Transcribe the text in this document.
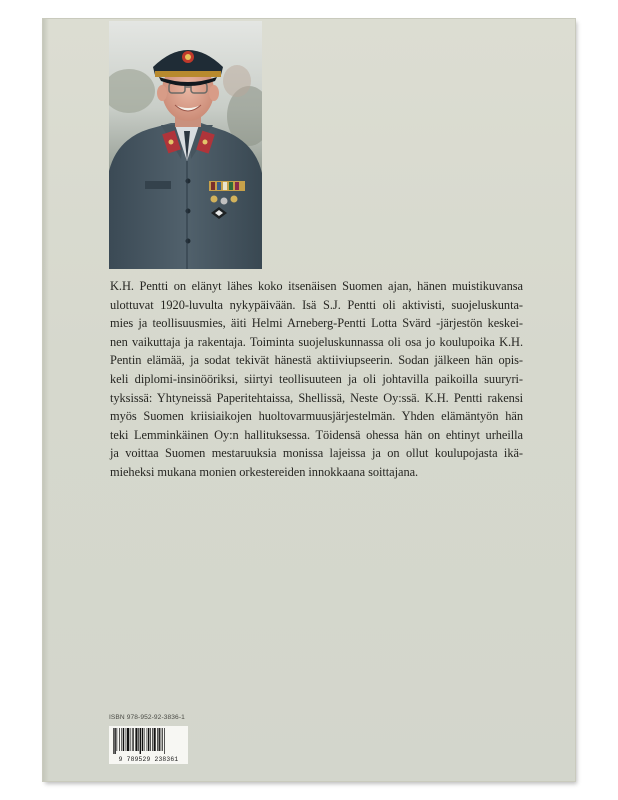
K.H. Pentti on elänyt lähes koko itsenäisen Suomen ajan, hänen muistikuvansa
ulottuvat 1920-luvulta nykypäivään. Isä S.J. Pentti oli aktivisti, suojeluskunta-
mies ja teollisuusmies, äiti Helmi Arneberg-Pentti Lotta Svärd -järjestön keskei-
nen vaikuttaja ja rakentaja. Toiminta suojeluskunnassa oli osa jo koulupoika K.H.
Pentin elämää, ja sodat tekivät hänestä aktiiviupseerin. Sodan jälkeen hän opis-
keli diplomi-insinööriksi, siirtyi teollisuuteen ja oli johtavilla paikoilla suuryri-
tyksissä: Yhtyneissä Paperitehtaissa, Shellissä, Neste Oy:ssä. K.H. Pentti rakensi
myös Suomen kriisiaikojen huoltovarmuusjärjestelmän. Yhden elämäntyön hän
teki Lemminkäinen Oy:n hallituksessa. Töidensä ohessa hän on ehtinyt urheilla
ja voittaa Suomen mestaruuksia monissa lajeissa ja on ollut koulupojasta ikä-
mieheksi mukana monien orkestereiden innokkaana soittajana.
ISBN 978-952-92-3836-1
9 789529 238361
